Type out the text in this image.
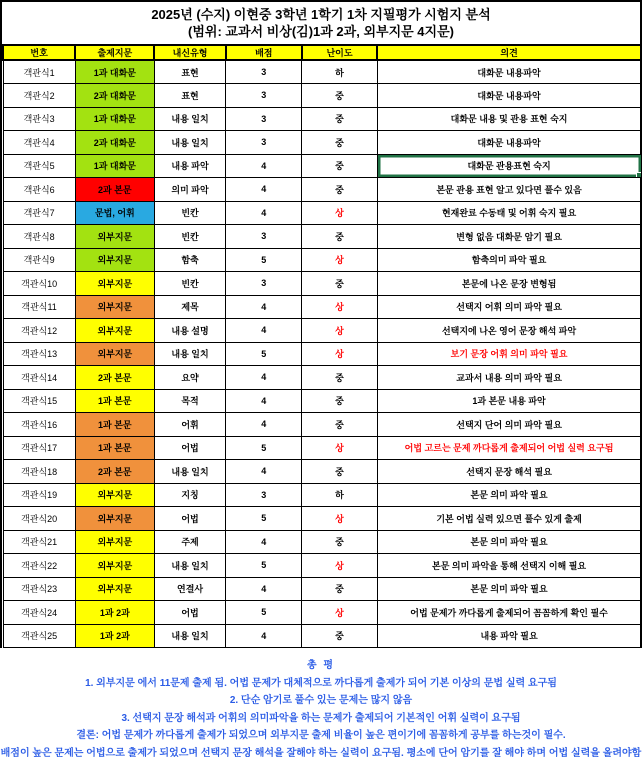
2025년 (수지) 이현중 3학년 1학기 1차 지필평가 시험지 분석
(범위: 교과서 비상(김)1과 2과, 외부지문 4지문)
번호	출제지문	내신유형	배점	난이도	의견
객관식1	1과 대화문	표현	3	하	대화문 내용파악
객관식2	2과 대화문	표현	3	중	대화문 내용파악
객관식3	1과 대화문	내용 일치	3	중	대화문 내용 및 관용 표현 숙지
객관식4	2과 대화문	내용 일치	3	중	대화문 내용파악
객관식5	1과 대화문	내용 파악	4	중	대화문 관용표현 숙지
객관식6	2과 본문	의미 파악	4	중	본문 관용 표현 알고 있다면 풀수 있음
객관식7	문법, 어휘	빈칸	4	상	현재완료 수동태 및 어휘 숙지 필요
객관식8	외부지문	빈칸	3	중	변형 없음 대화문 암기 필요
객관식9	외부지문	함축	5	상	함축의미 파악 필요
객관식10	외부지문	빈칸	3	중	본문에 나온 문장 변형됨
객관식11	외부지문	제목	4	상	선택지 어휘 의미 파악 필요
객관식12	외부지문	내용 설명	4	상	선택지에 나온 영어 문장 해석 파악
객관식13	외부지문	내용 일치	5	상	보기 문장 어휘 의미 파악 필요
객관식14	2과 본문	요약	4	중	교과서 내용 의미 파악 필요
객관식15	1과 본문	목적	4	중	1과 본문 내용 파악
객관식16	1과 본문	어휘	4	중	선택지 단어 의미 파악 필요
객관식17	1과 본문	어법	5	상	어법 고르는 문제 까다롭게 출제되어 어법 실력 요구됨
객관식18	2과 본문	내용 일치	4	중	선택지 문장 해석 필요
객관식19	외부지문	지칭	3	하	본문 의미 파악 필요
객관식20	외부지문	어법	5	상	기본 어법 실력 있으면 풀수 있게 출제
객관식21	외부지문	주제	4	중	본문 의미 파악 필요
객관식22	외부지문	내용 일치	5	상	본문 의미 파악을 통해 선택지 이해 필요
객관식23	외부지문	연결사	4	중	본문 의미 파악 필요
객관식24	1과 2과	어법	5	상	어법 문제가 까다롭게 출제되어 꼼꼼하게 확인 필수
객관식25	1과 2과	내용 일치	4	중	내용 파악 필요
총 평
1. 외부지문 에서 11문제 출제 됨. 어법 문제가 대체적으로 까다롭게 출제가 되어 기본 이상의 문법 실력 요구됨
2. 단순 암기로 풀수 있는 문제는 많지 않음
3. 선택지 문장 해석과 어휘의 의미파악을 하는 문제가 출제되어 기본적인 어휘 실력이 요구됨
결론: 어법 문제가 까다롭게 출제가 되었으며 외부지문 출제 비율이 높은 편이기에 꼼꼼하게 공부를 하는것이 필수.
배점이 높은 문제는 어법으로 출제가 되었으며 선택지 문장 해석을 잘해야 하는 실력이 요구됨. 평소에 단어 암기를 잘 해야 하며 어법 실력을 올려야함
